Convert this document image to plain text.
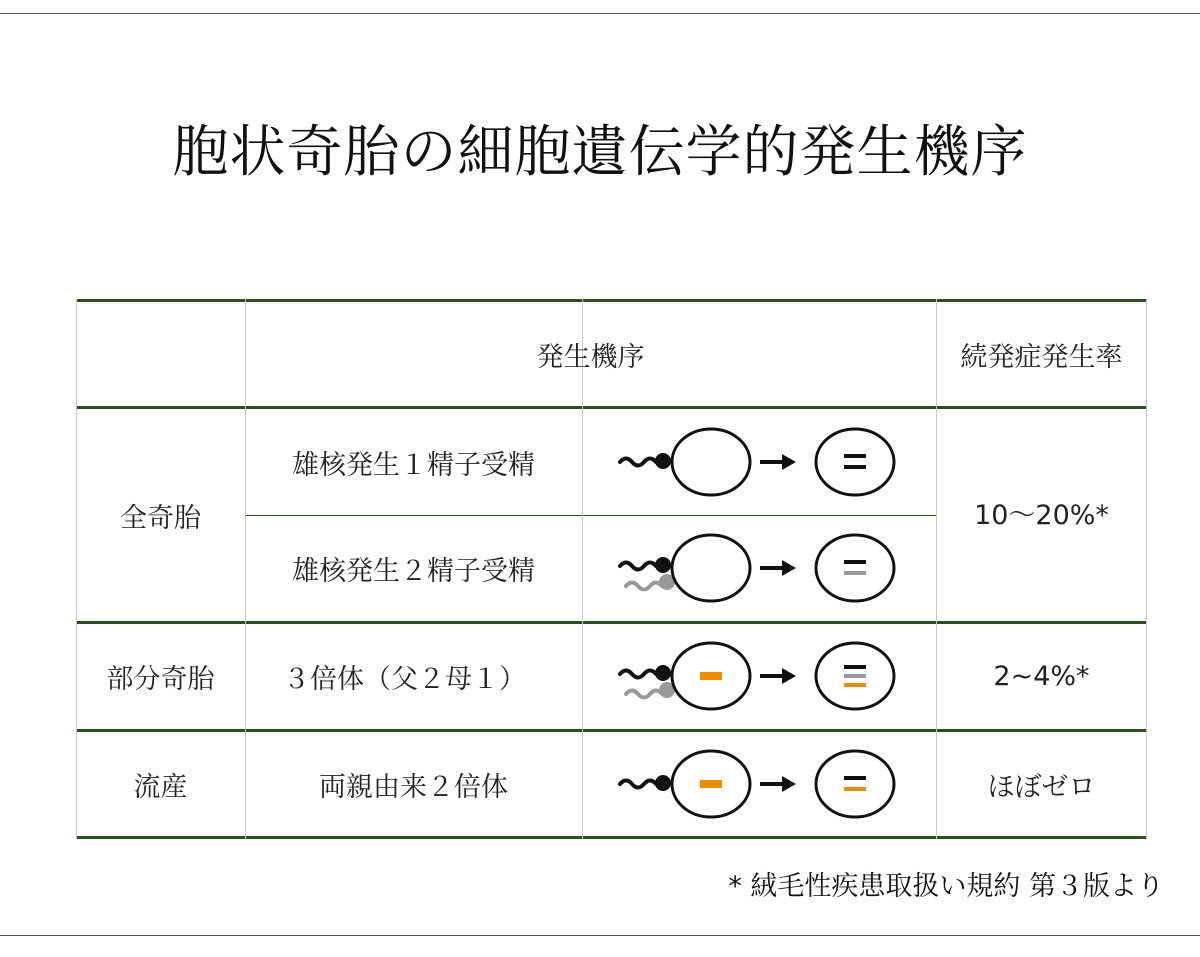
胞状奇胎の細胞遺伝学的発生機序
発生機序	続発症発生率
全奇胎
部分奇胎
流産
雄核発生１精子受精
雄核発生２精子受精
３倍体（父２母１）
両親由来２倍体
10〜20%*
2~4%*
ほぼゼロ
* 絨毛性疾患取扱い規約 第３版より
